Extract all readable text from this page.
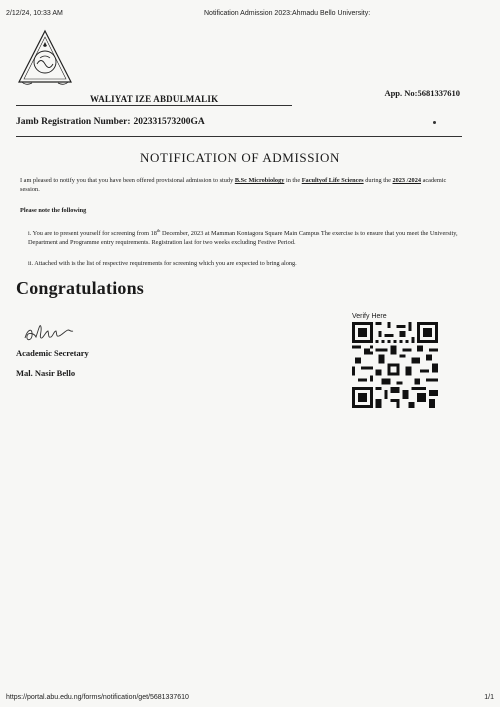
2/12/24, 10:33 AM	Notification Admission 2023:Ahmadu Bello University:
App. No:5681337610
WALIYAT IZE ABDULMALIK
Jamb Registration Number: 202331573200GA
NOTIFICATION OF ADMISSION
I am pleased to notify you that you have been offered provisional admission to study B.Sc Microbiology in the Facultyof Life Sciences during the 2023 /2024 academic session.
Please note the following
i. You are to present yourself for screening from 18th December, 2023 at Mamman Kontagora Square Main Campus The exercise is to ensure that you meet the University, Department and Programme entry requirements. Registration last for two weeks excluding Festive Period.
ii. Attached with is the list of respective requirements for screening which you are expected to bring along.
Congratulations
Academic Secretary
Mal. Nasir Bello
Verify Here
https://portal.abu.edu.ng/forms/notification/get/5681337610	1/1
